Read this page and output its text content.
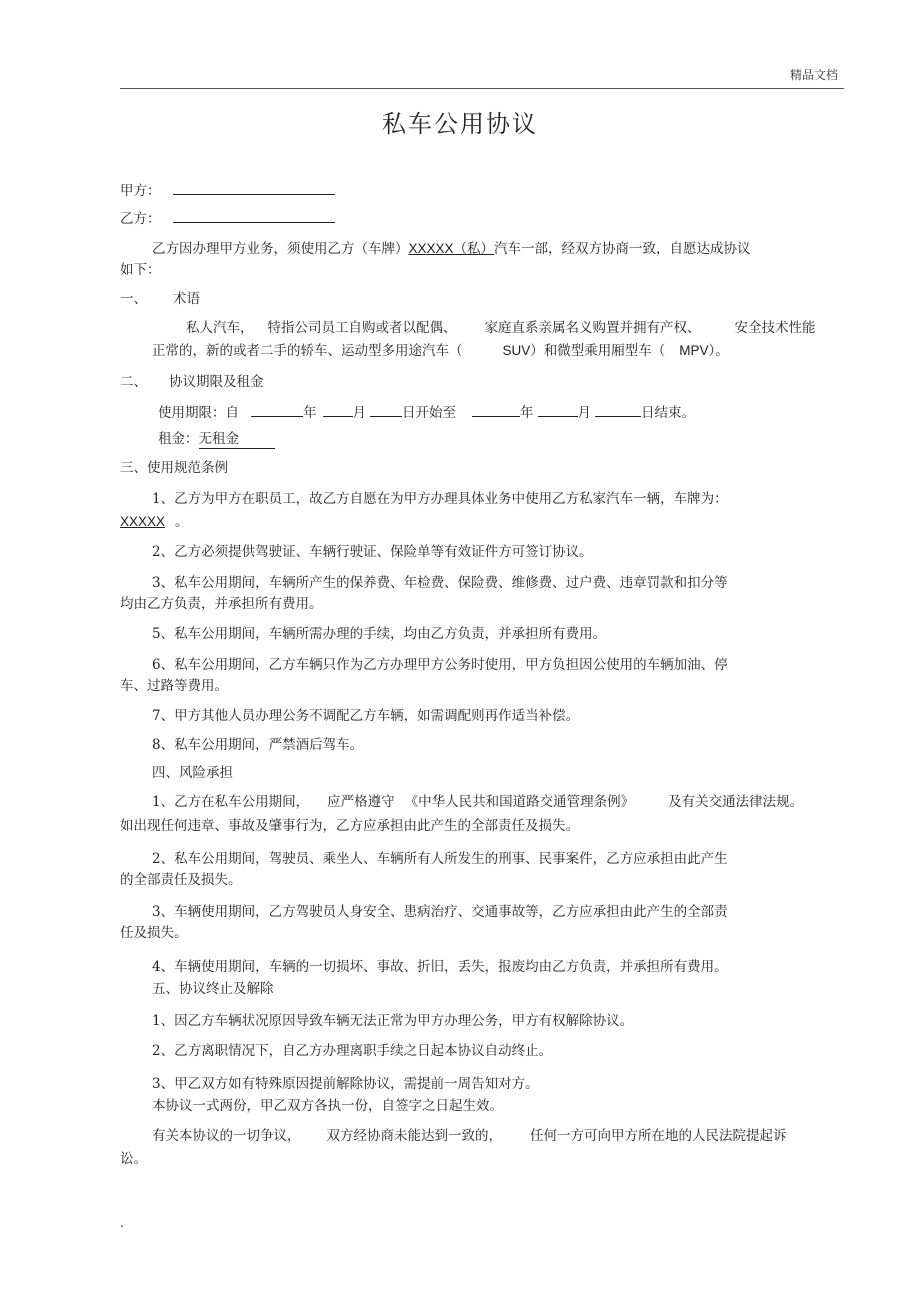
精品文档
私车公用协议
甲方：
乙方：
乙方因办理甲方业务，须使用乙方（车牌）XXXXX（私）汽车一部，经双方协商一致，自愿达成协议
如下：
一、 术语
私人汽车， 特指公司员工自购或者以配偶、 家庭直系亲属名义购置并拥有产权、	安全技术性能
正常的，新的或者二手的轿车、运动型多用途汽车（	SUV）和微型乘用厢型车（ MPV）。
二、 协议期限及租金
使用期限：自	年	月	日开始至	年	月	日结束。
租金：无租金
三、使用规范条例
1、乙方为甲方在职员工，故乙方自愿在为甲方办理具体业务中使用乙方私家汽车一辆，车牌为：
XXXXX 。
2、乙方必须提供驾驶证、车辆行驶证、保险单等有效证件方可签订协议。
3、私车公用期间，车辆所产生的保养费、年检费、保险费、维修费、过户费、违章罚款和扣分等
均由乙方负责，并承担所有费用。
5、私车公用期间，车辆所需办理的手续，均由乙方负责，并承担所有费用。
6、私车公用期间，乙方车辆只作为乙方办理甲方公务时使用，甲方负担因公使用的车辆加油、停
车、过路等费用。
7、甲方其他人员办理公务不调配乙方车辆，如需调配则再作适当补偿。
8、私车公用期间，严禁酒后驾车。
四、风险承担
1、乙方在私车公用期间， 应严格遵守 《中华人民共和国道路交通管理条例》	及有关交通法律法规。
如出现任何违章、事故及肇事行为，乙方应承担由此产生的全部责任及损失。
2、私车公用期间，驾驶员、乘坐人、车辆所有人所发生的刑事、民事案件，乙方应承担由此产生
的全部责任及损失。
3、车辆使用期间，乙方驾驶员人身安全、患病治疗、交通事故等，乙方应承担由此产生的全部责
任及损失。
4、车辆使用期间，车辆的一切损坏、事故、折旧，丢失，报废均由乙方负责，并承担所有费用。
五、协议终止及解除
1、因乙方车辆状况原因导致车辆无法正常为甲方办理公务，甲方有权解除协议。
2、乙方离职情况下，自乙方办理离职手续之日起本协议自动终止。
3、甲乙双方如有特殊原因提前解除协议，需提前一周告知对方。
本协议一式两份，甲乙双方各执一份，自签字之日起生效。
有关本协议的一切争议， 双方经协商未能达到一致的， 任何一方可向甲方所在地的人民法院提起诉
讼。
.
